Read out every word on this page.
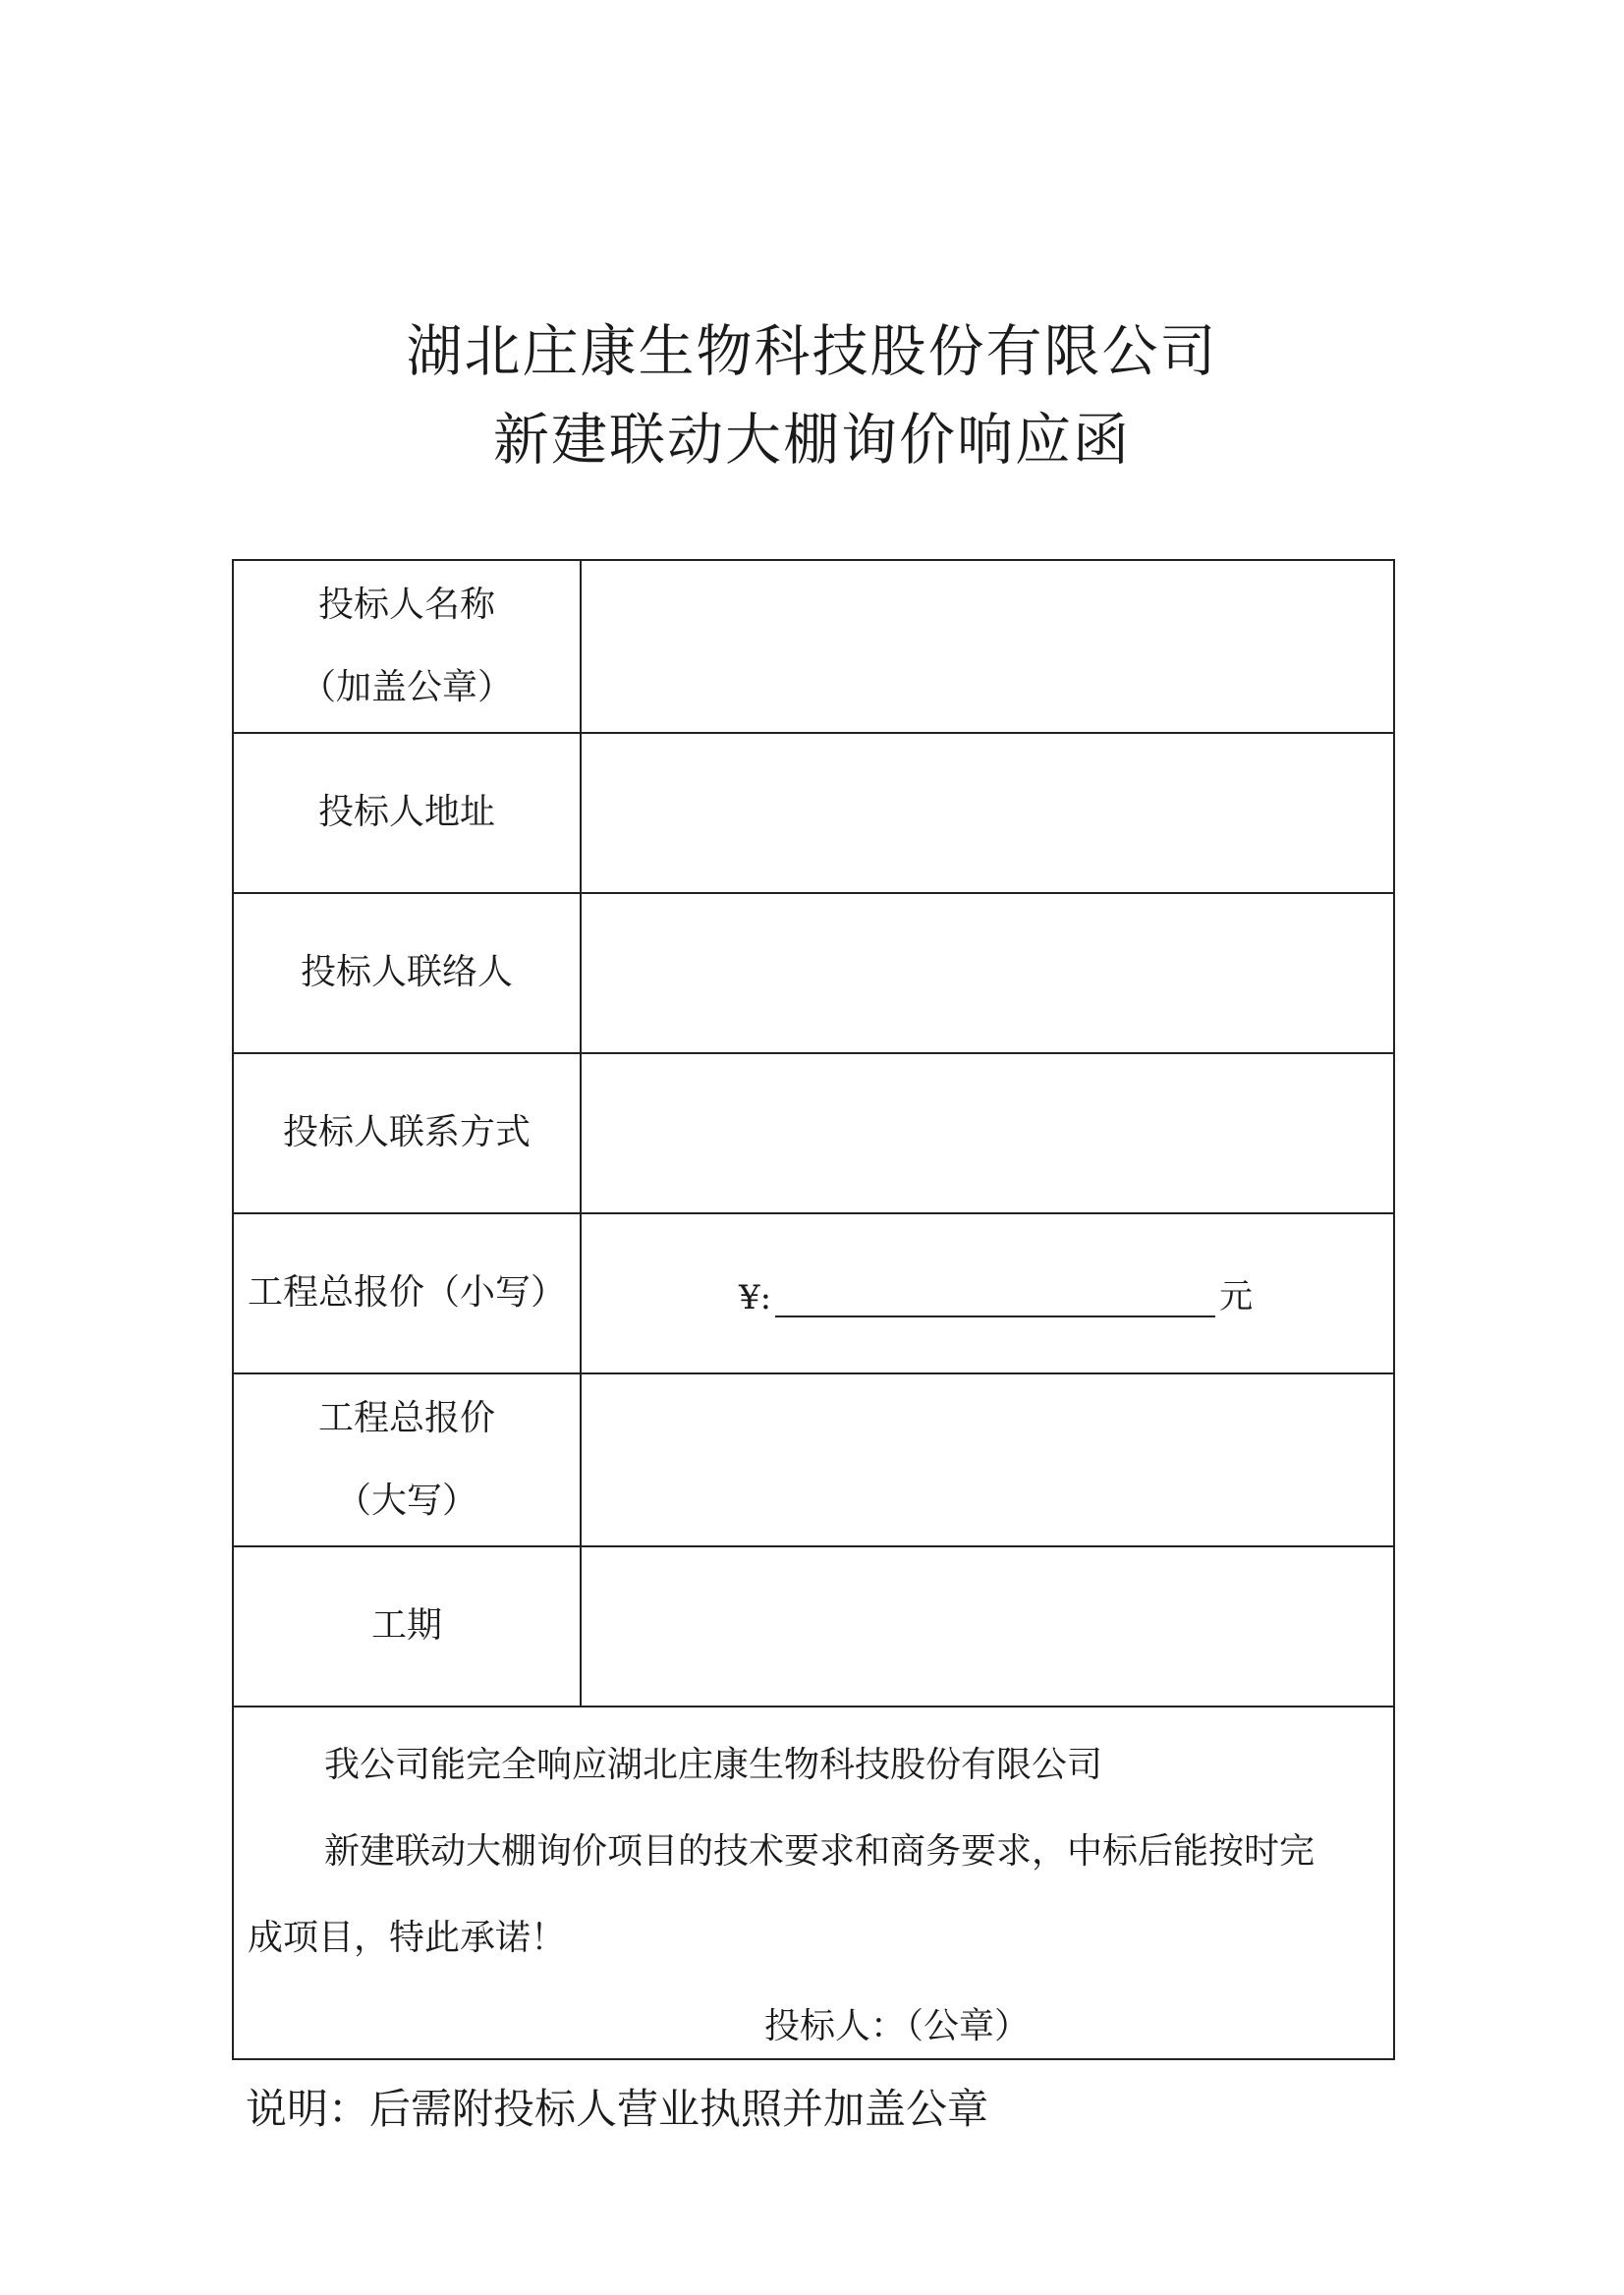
湖北庄康生物科技股份有限公司
新建联动大棚询价响应函
投标人名称
（加盖公章）	

投标人地址	
投标人联络人	
投标人联系方式	
工程总报价（小写）	¥: 元

工程总报价
（大写）	

工期	

我公司能完全响应湖北庄康生物科技股份有限公司
新建联动大棚询价项目的技术要求和商务要求，中标后能按时完
成项目，特此承诺！
投标人：（公章）	
说明：后需附投标人营业执照并加盖公章
